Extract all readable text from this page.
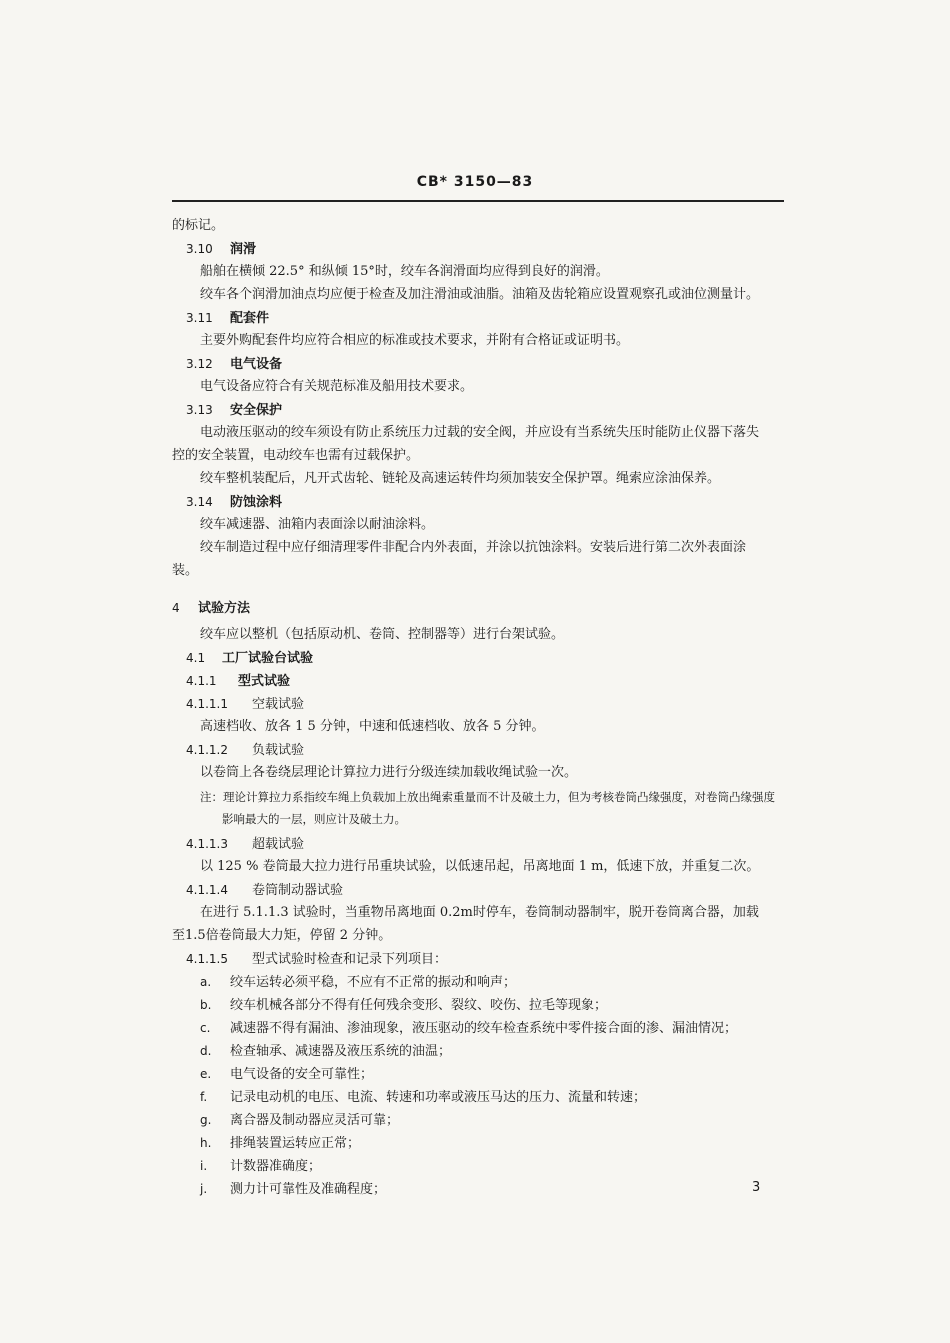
CB* 3150—83
的标记。
3.10 润滑
船舶在横倾 22.5° 和纵倾 15°时，绞车各润滑面均应得到良好的润滑。
绞车各个润滑加油点均应便于检查及加注滑油或油脂。油箱及齿轮箱应设置观察孔或油位测量计。
3.11 配套件
主要外购配套件均应符合相应的标准或技术要求，并附有合格证或证明书。
3.12 电气设备
电气设备应符合有关规范标准及船用技术要求。
3.13 安全保护
电动液压驱动的绞车须设有防止系统压力过载的安全阀，并应设有当系统失压时能防止仪器下落失
控的安全装置，电动绞车也需有过载保护。
绞车整机装配后，凡开式齿轮、链轮及高速运转件均须加装安全保护罩。绳索应涂油保养。
3.14 防蚀涂料
绞车减速器、油箱内表面涂以耐油涂料。
绞车制造过程中应仔细清理零件非配合内外表面，并涂以抗蚀涂料。安装后进行第二次外表面涂
装。
4 试验方法
绞车应以整机（包括原动机、卷筒、控制器等）进行台架试验。
4.1 工厂试验台试验
4.1.1 型式试验
4.1.1.1 空载试验
高速档收、放各 1 5 分钟，中速和低速档收、放各 5 分钟。
4.1.1.2 负载试验
以卷筒上各卷绕层理论计算拉力进行分级连续加载收绳试验一次。
注：理论计算拉力系指绞车绳上负载加上放出绳索重量而不计及破土力，但为考核卷筒凸缘强度，对卷筒凸缘强度
影响最大的一层，则应计及破土力。
4.1.1.3 超载试验
以 125 % 卷筒最大拉力进行吊重块试验，以低速吊起，吊离地面 1 m，低速下放，并重复二次。
4.1.1.4 卷筒制动器试验
在进行 5.1.1.3 试验时，当重物吊离地面 0.2m时停车，卷筒制动器制牢，脱开卷筒离合器，加载
至1.5倍卷筒最大力矩，停留 2 分钟。
4.1.1.5 型式试验时检查和记录下列项目：
a. 绞车运转必须平稳，不应有不正常的振动和响声；
b. 绞车机械各部分不得有任何残余变形、裂纹、咬伤、拉毛等现象；
c. 减速器不得有漏油、渗油现象，液压驱动的绞车检查系统中零件接合面的渗、漏油情况；
d. 检查轴承、减速器及液压系统的油温；
e. 电气设备的安全可靠性；
f. 记录电动机的电压、电流、转速和功率或液压马达的压力、流量和转速；
g. 离合器及制动器应灵活可靠；
h. 排绳装置运转应正常；
i. 计数器准确度；
j. 测力计可靠性及准确程度；	3
